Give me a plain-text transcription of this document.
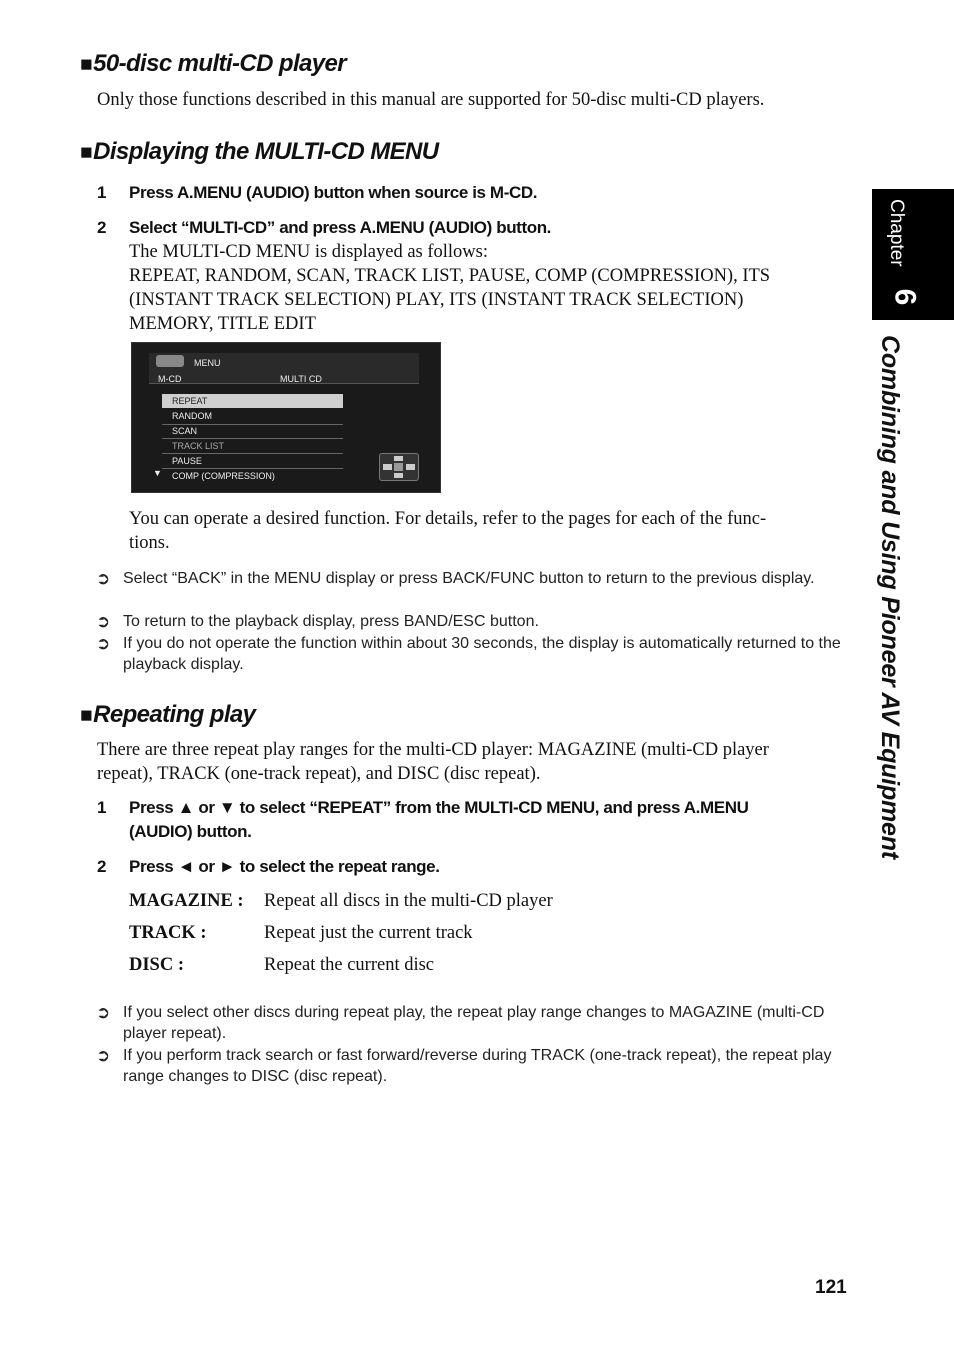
■50-disc multi-CD player
Only those functions described in this manual are supported for 50-disc multi-CD players.
■Displaying the MULTI-CD MENU
1 Press A.MENU (AUDIO) button when source is M-CD.
2 Select “MULTI-CD” and press A.MENU (AUDIO) button.
The MULTI-CD MENU is displayed as follows:
REPEAT, RANDOM, SCAN, TRACK LIST, PAUSE, COMP (COMPRESSION), ITS
(INSTANT TRACK SELECTION) PLAY, ITS (INSTANT TRACK SELECTION)
MEMORY, TITLE EDIT
MENU
M-CD	MULTI CD
REPEAT
RANDOM
SCAN
TRACK LIST
PAUSE
▼ COMP (COMPRESSION)
You can operate a desired function. For details, refer to the pages for each of the func-
tions.
➲ Select “BACK” in the MENU display or press BACK/FUNC button to return to the previous display.
➲ To return to the playback display, press BAND/ESC button.
➲ If you do not operate the function within about 30 seconds, the display is automatically returned to the playback display.
■Repeating play
There are three repeat play ranges for the multi-CD player: MAGAZINE (multi-CD player
repeat), TRACK (one-track repeat), and DISC (disc repeat).
1 Press ▲ or ▼ to select “REPEAT” from the MULTI-CD MENU, and press A.MENU
(AUDIO) button.
2 Press ◄ or ► to select the repeat range.
MAGAZINE : Repeat all discs in the multi-CD player
TRACK :	Repeat just the current track
DISC :	Repeat the current disc
➲ If you select other discs during repeat play, the repeat play range changes to MAGAZINE (multi-CD player repeat).
➲ If you perform track search or fast forward/reverse during TRACK (one-track repeat), the repeat play range changes to DISC (disc repeat).
Chapter
6
Combining and Using Pioneer AV Equipment
121
